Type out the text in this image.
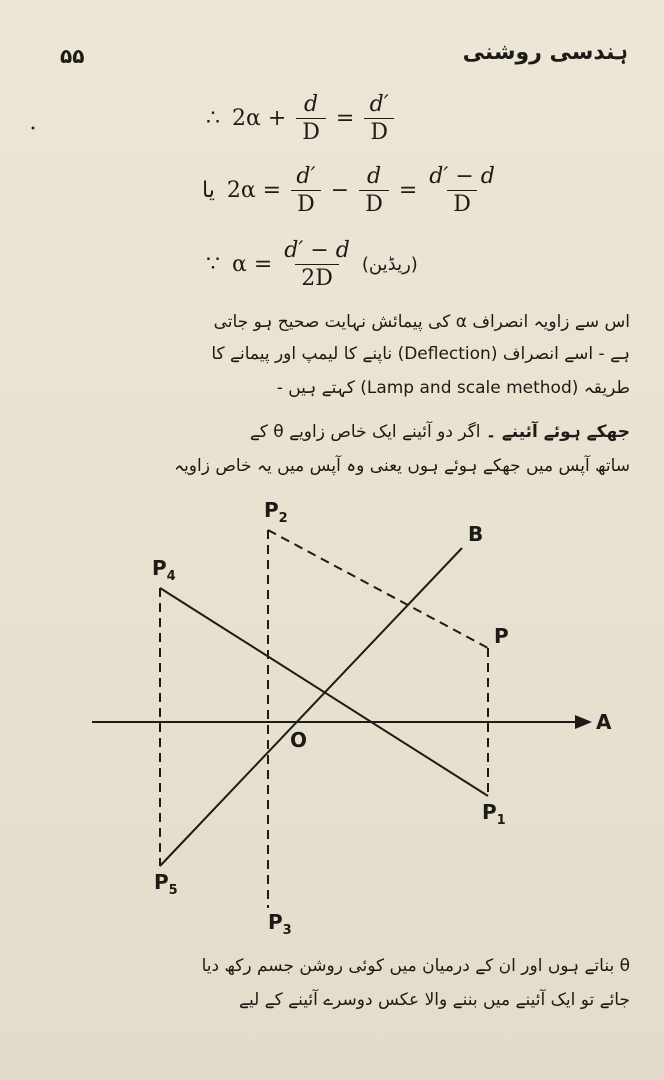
۵۵	ہندسی روشنی
•	∴ $2\alpha + \frac{d}{D} = \frac{d'}{D}$
یا $2\alpha = \frac{d'}{D} - \frac{d}{D} = \frac{d' - d}{D}$
∵ $\alpha = \frac{d' - d}{2D}$ (ریڈین)
اس سے زاویہ انصراف α کی پیمائش نہایت صحیح ہو جاتی
ہے - اسے انصراف (Deflection) ناپنے کا لیمپ اور پیمانے کا
طریقہ (Lamp and scale method) کہتے ہیں -
جھکے ہوئے آئینے ۔ اگر دو آئینے ایک خاص زاویے θ کے
ساتھ آپس میں جھکے ہوئے ہوں یعنی وہ آپس میں یہ خاص زاویہ
B
A
O
P
$P_1$
$P_2$
$P_3$
$P_4$
$P_5$
θ بناتے ہوں اور ان کے درمیان میں کوئی روشن جسم رکھ دیا
جائے تو ایک آئینے میں بننے والا عکس دوسرے آئینے کے لیے
